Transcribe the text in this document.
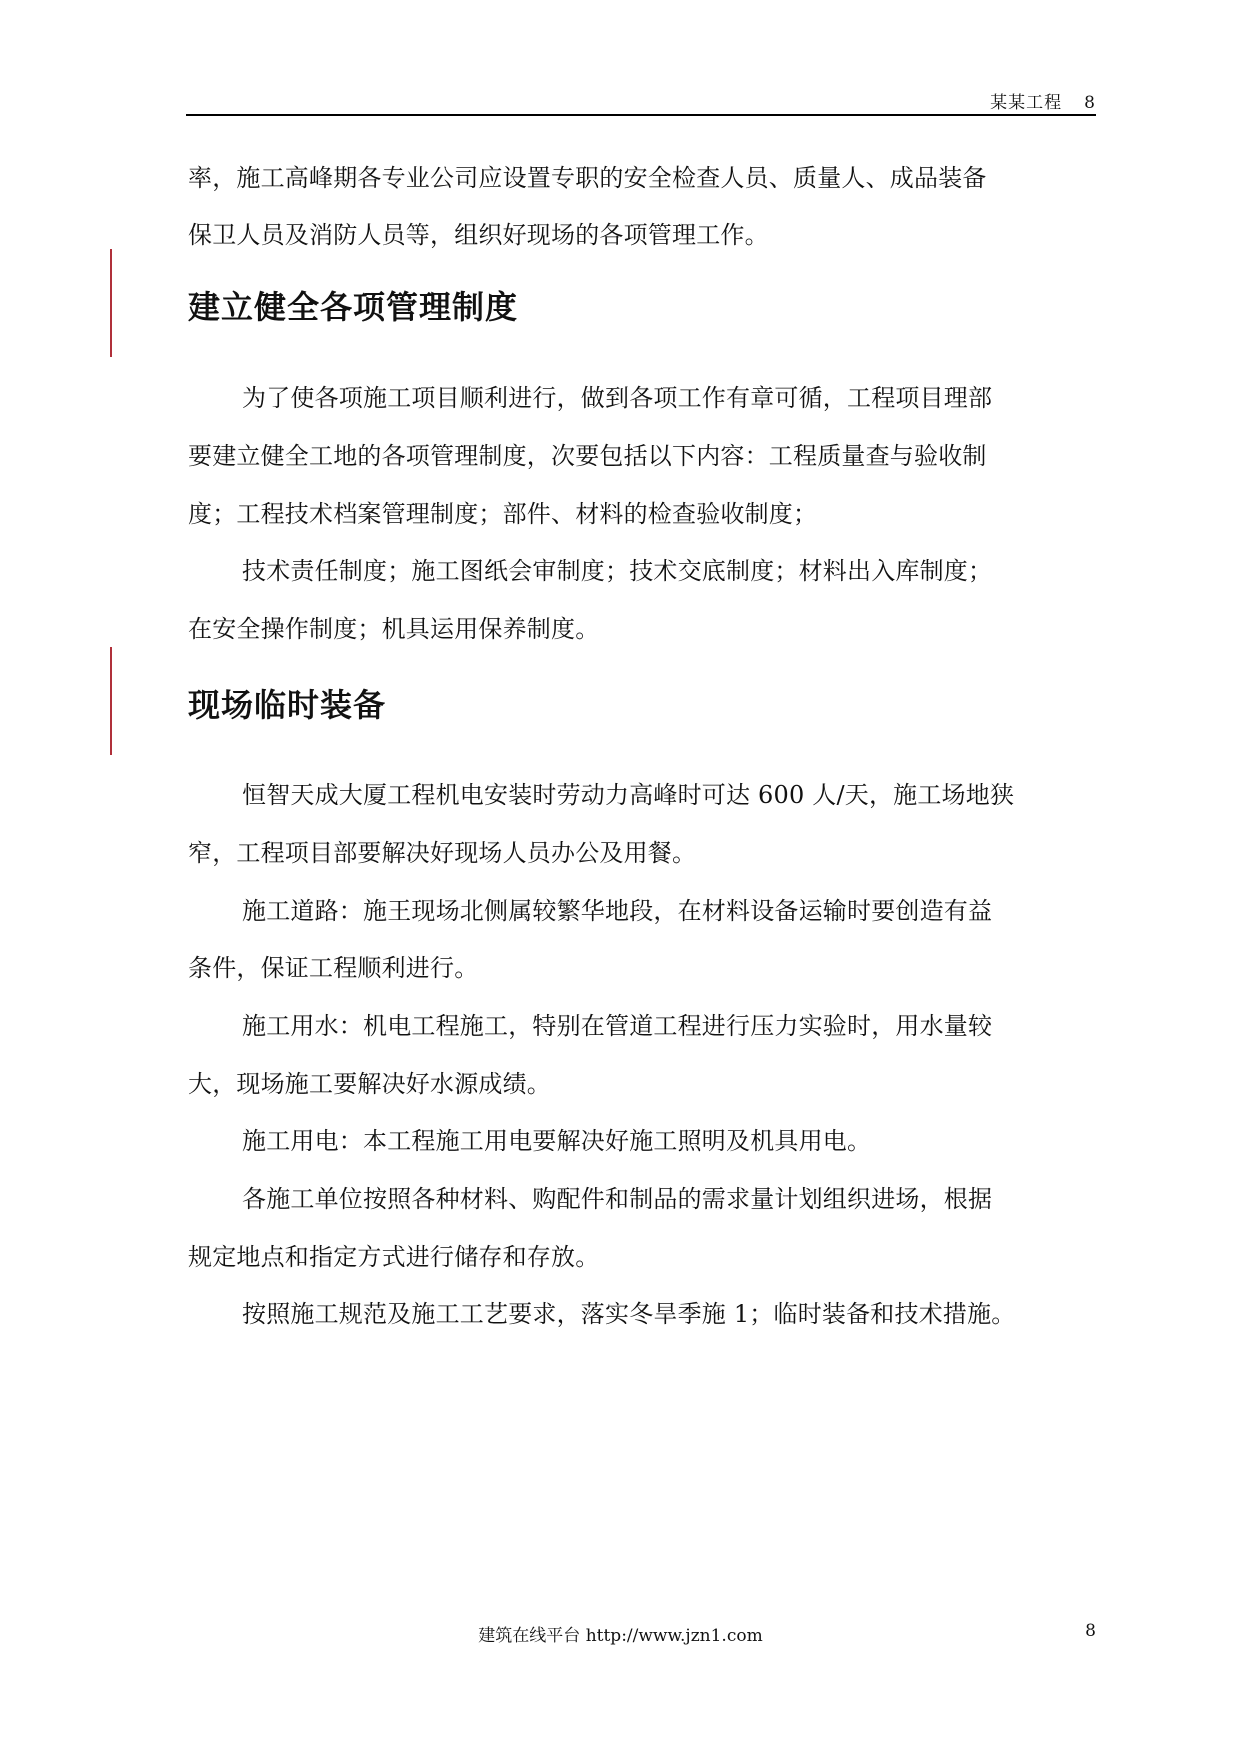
某某工程 8
率，施工高峰期各专业公司应设置专职的安全检查人员、质量人、成品装备
保卫人员及消防人员等，组织好现场的各项管理工作。
建立健全各项管理制度
为了使各项施工项目顺利进行，做到各项工作有章可循，工程项目理部
要建立健全工地的各项管理制度，次要包括以下内容：工程质量查与验收制
度；工程技术档案管理制度；部件、材料的检查验收制度；
技术责任制度；施工图纸会审制度；技术交底制度；材料出入库制度；
在安全操作制度；机具运用保养制度。
现场临时装备
恒智天成大厦工程机电安装时劳动力高峰时可达 600 人/天，施工场地狭
窄，工程项目部要解决好现场人员办公及用餐。
施工道路：施王现场北侧属较繁华地段，在材料设备运输时要创造有益
条件，保证工程顺利进行。
施工用水：机电工程施工，特别在管道工程进行压力实验时，用水量较
大，现场施工要解决好水源成绩。
施工用电：本工程施工用电要解决好施工照明及机具用电。
各施工单位按照各种材料、购配件和制品的需求量计划组织进场，根据
规定地点和指定方式进行储存和存放。
按照施工规范及施工工艺要求，落实冬旱季施 1；临时装备和技术措施。
建筑在线平台 http://www.jzn1.com	8
